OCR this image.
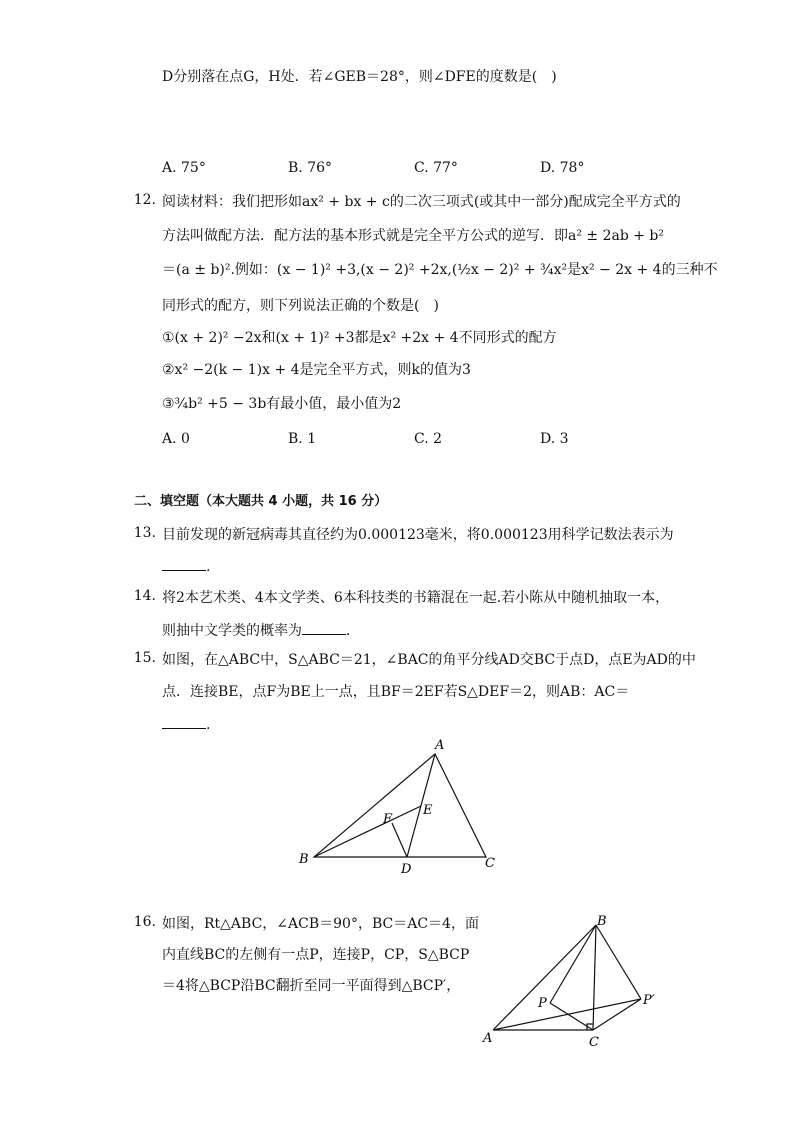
D分别落在点G，H处．若∠GEB＝28°，则∠DFE的度数是(　)
A. 75°	B. 76°	C. 77°	D. 78°
12. 阅读材料：我们把形如ax² + bx + c的二次三项式(或其中一部分)配成完全平方式的
方法叫做配方法．配方法的基本形式就是完全平方公式的逆写．即a² ± 2ab + b²
＝(a ± b)².例如：(x − 1)² +3,(x − 2)² +2x,(½x − 2)² + ¾x²是x² − 2x + 4的三种不
同形式的配方，则下列说法正确的个数是(　)
①(x + 2)² −2x和(x + 1)² +3都是x² +2x + 4不同形式的配方
②x² −2(k − 1)x + 4是完全平方式，则k的值为3
③¾b² +5 − 3b有最小值，最小值为2
A. 0	B. 1	C. 2	D. 3
二、填空题（本大题共 4 小题，共 16 分）
13. 目前发现的新冠病毒其直径约为0.000123毫米，将0.000123用科学记数法表示为
.
14. 将2本艺术类、4本文学类、6本科技类的书籍混在一起.若小陈从中随机抽取一本，
则抽中文学类的概率为	．
15. 如图，在△ABC中，S△ABC＝21，∠BAC的角平分线AD交BC于点D，点E为AD的中
点．连接BE，点F为BE上一点，且BF＝2EF若S△DEF＝2，则AB：AC＝
.
A
B	C
D
E
F
16. 如图，Rt△ABC，∠ACB＝90°，BC＝AC＝4，面
内直线BC的左侧有一点P，连接P，CP，S△BCP
＝4将△BCP沿BC翻折至同一平面得到△BCP′，
B
A	C
P	P′
